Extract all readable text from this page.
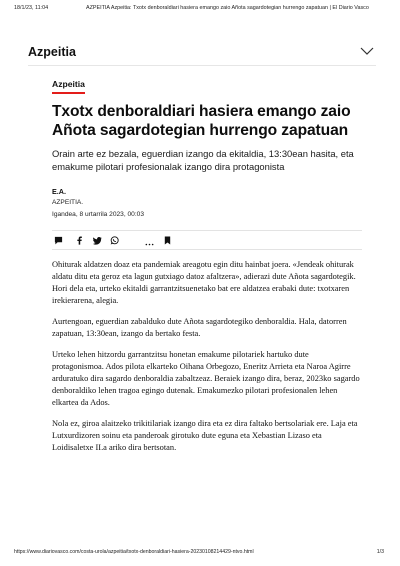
18/1/23, 11:04	AZPEITIA Azpeitia: Txotx denboraldiari hasiera emango zaio Añota sagardotegian hurrengo zapatuan | El Diario Vasco
Azpeitia
Azpeitia
Txotx denboraldiari hasiera emango zaio Añota sagardotegian hurrengo zapatuan

Orain arte ez bezala, eguerdian izango da ekitaldia, 13:30ean hasita, eta emakume pilotari profesionalak izango dira protagonista

E.A.
AZPEITIA.
Igandea, 8 urtarrila 2023, 00:03

Ohiturak aldatzen doaz eta pandemiak areagotu egin ditu hainbat joera. «Jendeak ohiturak aldatu ditu eta geroz eta lagun gutxiago datoz afaltzera», adierazi dute Añota sagardotegik. Hori dela eta, urteko ekitaldi garrantzitsuenetako bat ere aldatzea erabaki dute: txotxaren irekierarena, alegia.

Aurtengoan, eguerdian zabalduko dute Añota sagardotegiko denboraldia. Hala, datorren zapatuan, 13:30ean, izango da bertako festa.

Urteko lehen hitzordu garrantzitsu honetan emakume pilotariek hartuko dute protagonismoa. Ados pilota elkarteko Oihana Orbegozo, Eneritz Arrieta eta Naroa Agirre arduratuko dira sagardo denboraldia zabaltzeaz. Beraiek izango dira, beraz, 2023ko sagardo denboraldiko lehen tragoa egingo dutenak. Emakumezko pilotari profesionalen lehen elkartea da Ados.

Nola ez, giroa alaitzeko trikitilariak izango dira eta ez dira faltako bertsolariak ere. Laja eta Lutxurdizoren soinu eta panderoak girotuko dute eguna eta Xebastian Lizaso eta Loidisaletxe II.a ariko dira bertsotan.

https://www.diariovasco.com/costa-urola/azpeitia/txotx-denboraldiari-hasiera-20230108214429-ntvo.html	1/3
